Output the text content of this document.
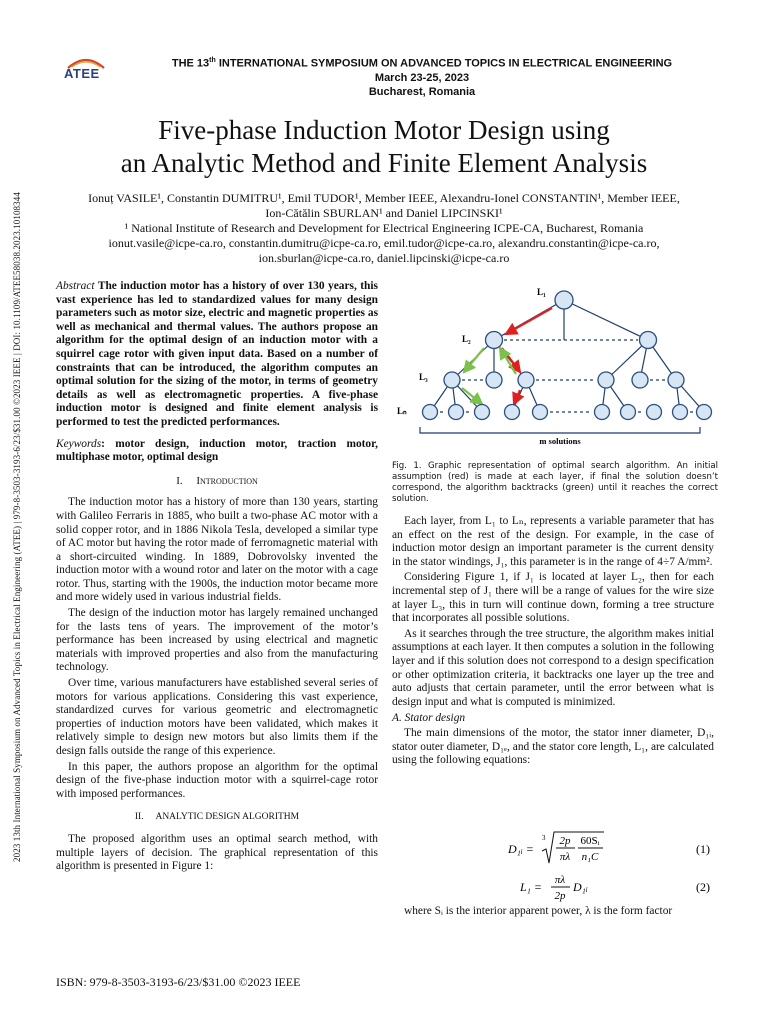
2023 13th International Symposium on Advanced Topics in Electrical Engineering (ATEE) | 979-8-3503-3193-6/23/$31.00 ©2023 IEEE | DOI: 10.1109/ATEE58038.2023.10108344
ATEE
THE 13th INTERNATIONAL SYMPOSIUM ON ADVANCED TOPICS IN ELECTRICAL ENGINEERING
March 23-25, 2023
Bucharest, Romania
Five-phase Induction Motor Design using
an Analytic Method and Finite Element Analysis
Ionuț VASILE¹, Constantin DUMITRU¹, Emil TUDOR¹, Member IEEE, Alexandru-Ionel CONSTANTIN¹, Member IEEE,
Ion-Cătălin SBURLAN¹ and Daniel LIPCINSKI¹
¹ National Institute of Research and Development for Electrical Engineering ICPE-CA, Bucharest, Romania
ionut.vasile@icpe-ca.ro, constantin.dumitru@icpe-ca.ro, emil.tudor@icpe-ca.ro, alexandru.constantin@icpe-ca.ro,
ion.sburlan@icpe-ca.ro, daniel.lipcinski@icpe-ca.ro

Abstract The induction motor has a history of over 130 years, this vast experience has led to standardized values for many design parameters such as motor size, electric and magnetic properties as well as mechanical and thermal values. The authors propose an algorithm for the optimal design of an induction motor with a squirrel cage rotor with given input data. Based on a number of constraints that can be introduced, the algorithm computes an optimal solution for the sizing of the motor, in terms of geometry details as well as electromagnetic properties. A five-phase induction motor is designed and finite element analysis is performed to test the predicted performances.

Keywords: motor design, induction motor, traction motor, multiphase motor, optimal design

I. Introduction

The induction motor has a history of more than 130 years, starting with Galileo Ferraris in 1885, who built a two-phase AC motor with a solid copper rotor, and in 1886 Nikola Tesla, developed a similar type of AC motor but having the rotor made of ferromagnetic material with a short-circuited winding. In 1889, Dobrovolsky invented the induction motor with a wound rotor and later on the motor with a cage rotor. Thus, starting with the 1900s, the induction motor became more and more widely used in various industrial fields.

The design of the induction motor has largely remained unchanged for the lasts tens of years. The improvement of the motor’s performance has been increased by using electrical and magnetic materials with improved properties and also from the manufacturing technology.

Over time, various manufacturers have established several series of motors for various applications. Considering this vast experience, standardized curves for various geometric and electromagnetic properties of induction motors have been validated, which makes it relatively simple to design new motors but also limits them if the design falls outside the range of this experience.

In this paper, the authors propose an algorithm for the optimal design of the five-phase induction motor with a squirrel-cage rotor with imposed performances.

II. ANALYTIC DESIGN ALGORITHM

The proposed algorithm uses an optimal search method, with multiple layers of decision. The graphical representation of this algorithm is presented in Figure 1:

L₁
L₂
L₃
Lₙ
m solutions
Fig. 1. Graphic representation of optimal search algorithm. An initial assumption (red) is made at each layer, if final the solution doesn’t correspond, the algorithm backtracks (green) until it reaches the correct solution.

Each layer, from L₁ to Lₙ, represents a variable parameter that has an effect on the rest of the design. For example, in the case of induction motor design an important parameter is the current density in the stator windings, J₁, this parameter is in the range of 4÷7 A/mm².

Considering Figure 1, if J₁ is located at layer L₂, then for each incremental step of J₁ there will be a range of values for the wire size at layer L₃, this in turn will continue down, forming a tree structure that incorporates all possible solutions.

As it searches through the tree structure, the algorithm makes initial assumptions at each layer. It then computes a solution in the following layer and if this solution does not correspond to a design specification or other optimization criteria, it backtracks one layer up the tree and auto adjusts that certain parameter, until the error between what is design input and what is computed is minimized.

A. Stator design

The main dimensions of the motor, the stator inner diameter, D₁ᵢ, stator outer diameter, D₁ₑ, and the stator core length, L₁, are calculated using the following equations:

D₁ᵢ =
3 2p
πλ
60Sᵢ
n₁C
(1)
L₁ = πλ
2p
D₁ᵢ	(2)
where Sᵢ is the interior apparent power, λ is the form factor
ISBN: 979-8-3503-3193-6/23/$31.00 ©2023 IEEE
